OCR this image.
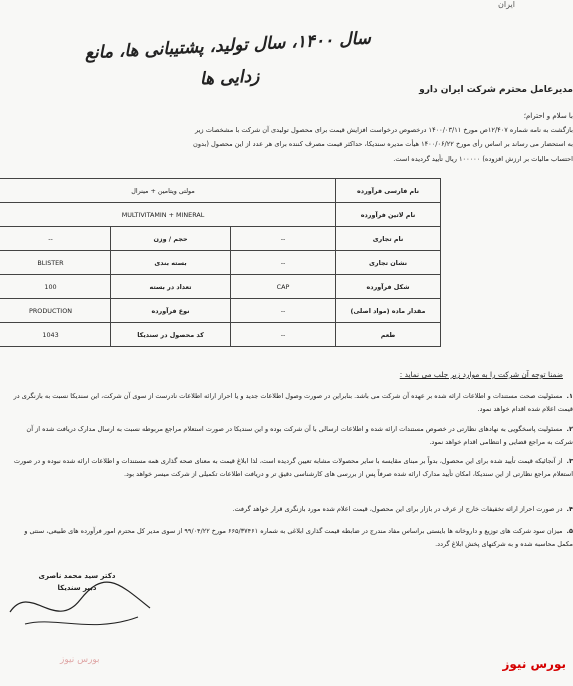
ایران
سال ۱۴۰۰، سال تولید، پشتیبانی ها، مانع زدایی ها
مدیرعامل محترم شرکت ایران دارو
با سلام و احترام؛
بازگشت به نامه شماره ۱۲/۴۰۷ص مورخ ۱۴۰۰/۰۳/۱۱ درخصوص درخواست افزایش قیمت برای محصول تولیدی آن شرکت با مشخصات زیر
به استحضار می رساند بر اساس رأی مورخ ۱۴۰۰/۰۶/۲۲ هیأت مدیره سندیکا، حداکثر قیمت مصرف کننده برای هر عدد از این محصول (بدون
احتساب مالیات بر ارزش افزوده) ۱۰۰۰۰۰ ریال تأیید گردیده است.
نام فارسی فرآورده	مولتی ویتامین + مینرال		
نام لاتین فرآورده	MULTIVITAMIN + MINERAL		
نام تجاری	--	حجم / وزن	--
نشان تجاری	--	بسته بندی	BLISTER
شکل فرآورده	CAP	تعداد در بسته	100
مقدار ماده (مواد اصلی)	--	نوع فرآورده	PRODUCTION
طعم	--	کد محصول در سندیکا	1043
ضمنا توجه آن شرکت را به موارد زیر جلب می نماید :
۱.مسئولیت صحت مستندات و اطلاعات ارائه شده بر عهده آن شرکت می باشد. بنابراین در صورت وصول اطلاعات جدید و یا احراز ارائه اطلاعات نادرست از سوی آن شرکت، این سندیکا نسبت به بازنگری در قیمت اعلام شده اقدام خواهد نمود.
۲.مسئولیت پاسخگویی به نهادهای نظارتی در خصوص مستندات ارائه شده و اطلاعات ارسالی با آن شرکت بوده و این سندیکا در صورت استعلام مراجع مربوطه نسبت به ارسال مدارک دریافت شده از آن شرکت به مراجع قضایی و انتظامی اقدام خواهد نمود.
۳.از آنجائیکه قیمت تأیید شده برای این محصول، بدواً بر مبنای مقایسه با سایر محصولات مشابه تعیین گردیده است، لذا ابلاغ قیمت به معنای صحه گذاری همه مستندات و اطلاعات ارائه شده نبوده و در صورت استعلام مراجع نظارتی از این سندیکا، امکان تأیید مدارک ارائه شده صرفاً پس از بررسی های کارشناسی دقیق تر و دریافت اطلاعات تکمیلی از شرکت میسر خواهد بود.
۴.در صورت احراز ارائه تخفیفات خارج از عرف در بازار برای این محصول، قیمت اعلام شده مورد بازنگری قرار خواهد گرفت.
۵.میزان سود شرکت های توزیع و داروخانه ها بایستی براساس مفاد مندرج در ضابطه قیمت گذاری ابلاغی به شماره ۶۶۵/۳۷۴۶۱ مورخ ۹۹/۰۴/۲۲ از سوی مدیر کل محترم امور فرآورده های طبیعی، سنتی و مکمل محاسبه شده و به شرکتهای پخش ابلاغ گردد.
دکتر سید محمد ناصری
دبیر سندیکا
بورس نیوز	بورس نیوز
